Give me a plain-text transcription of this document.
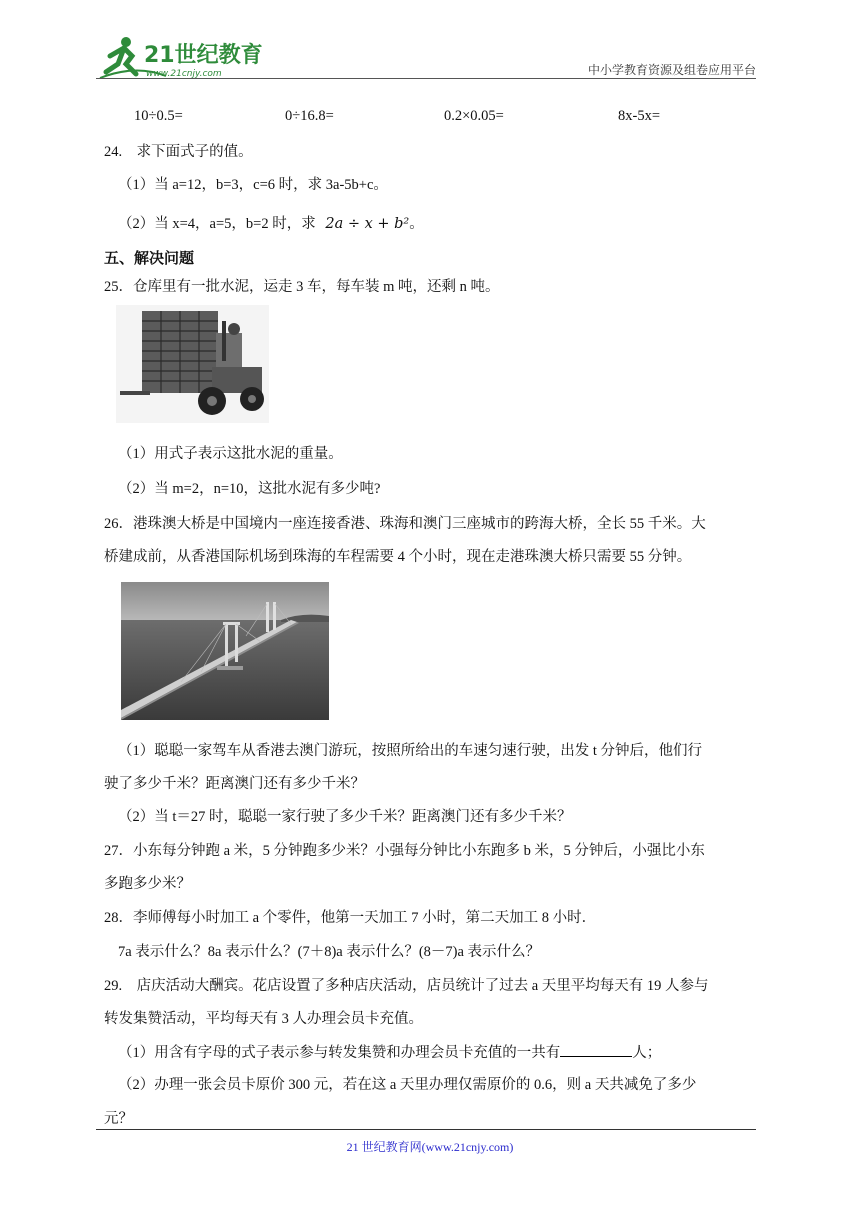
21世纪教育
www.21cnjy.com	中小学教育资源及组卷应用平台
10÷0.5=	0÷16.8=	0.2×0.05=	8x-5x=
24.　求下面式子的值。
（1）当 a=12，b=3，c=6 时，求 3a-5b+c。
（2）当 x=4，a=5，b=2 时，求 2a ÷ x + b²。
五、解决问题
25．仓库里有一批水泥，运走 3 车，每车装 m 吨，还剩 n 吨。
（1）用式子表示这批水泥的重量。
（2）当 m=2，n=10，这批水泥有多少吨?
26．港珠澳大桥是中国境内一座连接香港、珠海和澳门三座城市的跨海大桥，全长 55 千米。大
桥建成前，从香港国际机场到珠海的车程需要 4 个小时，现在走港珠澳大桥只需要 55 分钟。
（1）聪聪一家驾车从香港去澳门游玩，按照所给出的车速匀速行驶，出发 t 分钟后，他们行
驶了多少千米？距离澳门还有多少千米？
（2）当 t＝27 时，聪聪一家行驶了多少千米？距离澳门还有多少千米？
27．小东每分钟跑 a 米，5 分钟跑多少米？小强每分钟比小东跑多 b 米，5 分钟后，小强比小东
多跑多少米？
28．李师傅每小时加工 a 个零件，他第一天加工 7 小时，第二天加工 8 小时．
7a 表示什么？8a 表示什么？(7＋8)a 表示什么？(8－7)a 表示什么？
29.　店庆活动大酬宾。花店设置了多种店庆活动，店员统计了过去 a 天里平均每天有 19 人参与
转发集赞活动，平均每天有 3 人办理会员卡充值。
（1）用含有字母的式子表示参与转发集赞和办理会员卡充值的一共有	人；
（2）办理一张会员卡原价 300 元，若在这 a 天里办理仅需原价的 0.6，则 a 天共减免了多少
元？
21 世纪教育网(www.21cnjy.com)
